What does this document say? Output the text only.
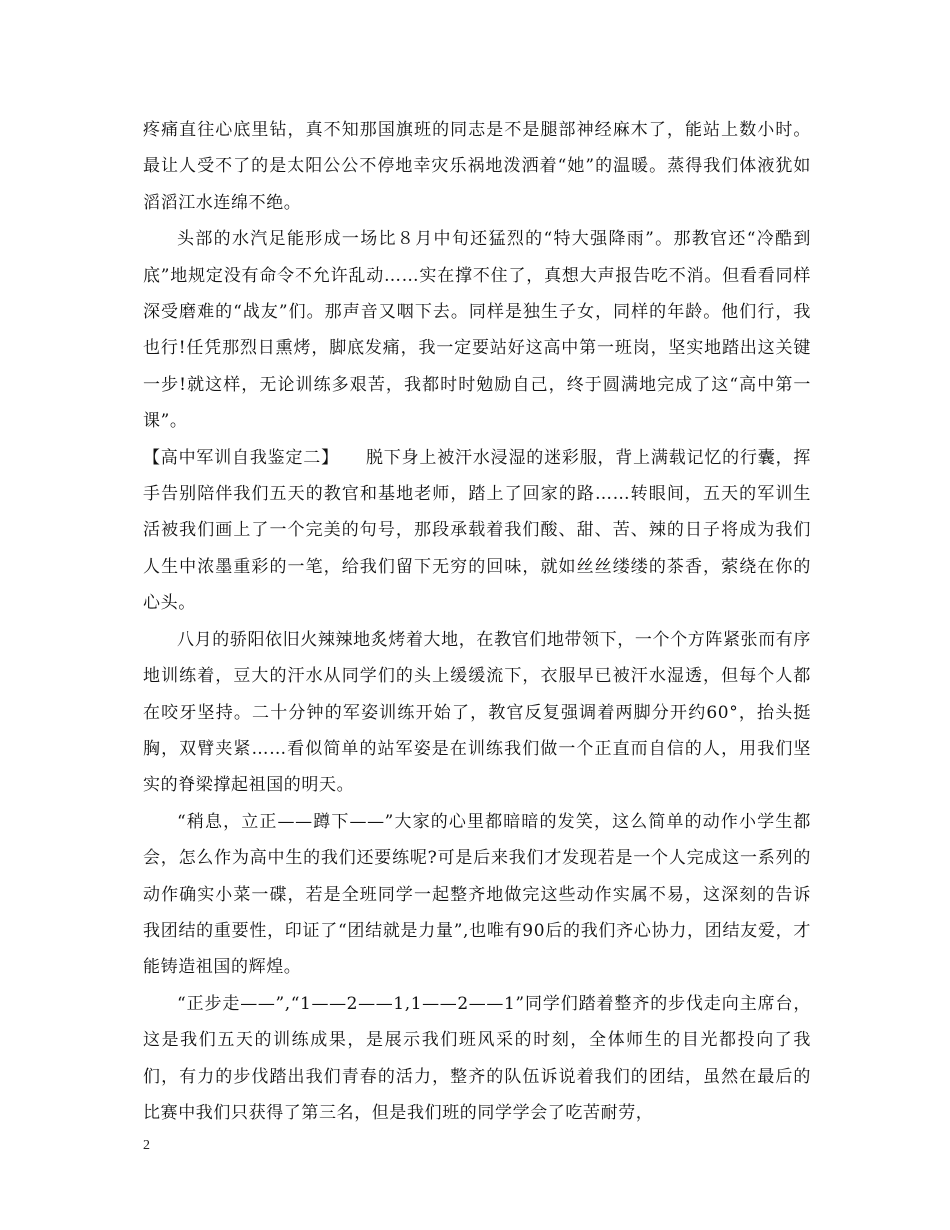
疼痛直往心底里钻，真不知那国旗班的同志是不是腿部神经麻木了，能站上数小时。最让人受不了的是太阳公公不停地幸灾乐祸地泼洒着“她”的温暖。蒸得我们体液犹如滔滔江水连绵不绝。

头部的水汽足能形成一场比８月中旬还猛烈的“特大强降雨”。那教官还“冷酷到底”地规定没有命令不允许乱动……实在撑不住了，真想大声报告吃不消。但看看同样深受磨难的“战友”们。那声音又咽下去。同样是独生子女，同样的年龄。他们行，我也行!任凭那烈日熏烤，脚底发痛，我一定要站好这高中第一班岗，坚实地踏出这关键一步!就这样，无论训练多艰苦，我都时时勉励自己，终于圆满地完成了这“高中第一课”。

【高中军训自我鉴定二】　　脱下身上被汗水浸湿的迷彩服，背上满载记忆的行囊，挥手告别陪伴我们五天的教官和基地老师，踏上了回家的路……转眼间，五天的军训生活被我们画上了一个完美的句号，那段承载着我们酸、甜、苦、辣的日子将成为我们人生中浓墨重彩的一笔，给我们留下无穷的回味，就如丝丝缕缕的茶香，萦绕在你的心头。

八月的骄阳依旧火辣辣地炙烤着大地，在教官们地带领下，一个个方阵紧张而有序地训练着，豆大的汗水从同学们的头上缓缓流下，衣服早已被汗水湿透，但每个人都在咬牙坚持。二十分钟的军姿训练开始了，教官反复强调着两脚分开约60°，抬头挺胸，双臂夹紧……看似简单的站军姿是在训练我们做一个正直而自信的人，用我们坚实的脊梁撑起祖国的明天。

“稍息，立正——蹲下——”大家的心里都暗暗的发笑，这么简单的动作小学生都会，怎么作为高中生的我们还要练呢?可是后来我们才发现若是一个人完成这一系列的动作确实小菜一碟，若是全班同学一起整齐地做完这些动作实属不易，这深刻的告诉我团结的重要性，印证了“团结就是力量”,也唯有90后的我们齐心协力，团结友爱，才能铸造祖国的辉煌。

“正步走——”,“1——2——1,1——2——1”同学们踏着整齐的步伐走向主席台，这是我们五天的训练成果，是展示我们班风采的时刻，全体师生的目光都投向了我们，有力的步伐踏出我们青春的活力，整齐的队伍诉说着我们的团结，虽然在最后的比赛中我们只获得了第三名，但是我们班的同学学会了吃苦耐劳，

2
